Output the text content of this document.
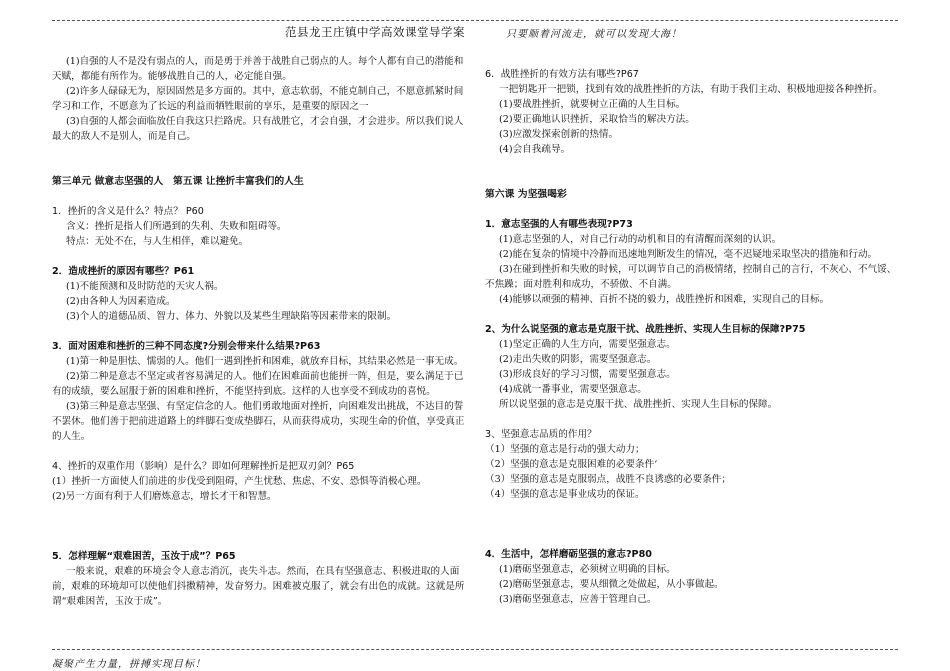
范县龙王庄镇中学高效课堂导学案	只要顺着河流走，就可以发现大海！

(1)自强的人不是没有弱点的人，而是勇于并善于战胜自己弱点的人。每个人都有自己的潜能和天赋，都能有所作为。能够战胜自己的人，必定能自强。

(2)许多人碌碌无为，原因固然是多方面的。其中，意志软弱，不能克制自己，不愿意抓紧时间学习和工作，不愿意为了长远的利益而牺牲眼前的享乐，是重要的原因之一

(3)自强的人都会面临放任自我这只拦路虎。只有战胜它，才会自强，才会进步。所以我们说人最大的敌人不是别人，而是自己。

第三单元 做意志坚强的人　第五课 让挫折丰富我们的人生

1．挫折的含义是什么？特点？ P60

含义：挫折是指人们所遇到的失利、失败和阻碍等。

特点：无处不在，与人生相伴，难以避免。

2．造成挫折的原因有哪些？P61

(1)不能预测和及时防范的天灾人祸。

(2)由各种人为因素造成。

(3)个人的道德品质、智力、体力、外貌以及某些生理缺陷等因素带来的限制。

3．面对困难和挫折的三种不同态度?分别会带来什么结果?P63

(1)第一种是胆怯、懦弱的人。他们一遇到挫折和困难，就放弃目标，其结果必然是一事无成。

(2)第二种是意志不坚定或者容易满足的人。他们在困难面前也能拼一阵，但是，要么满足于已有的成绩，要么屈服于新的困难和挫折，不能坚持到底。这样的人也享受不到成功的喜悦。

(3)第三种是意志坚强、有坚定信念的人。他们勇敢地面对挫折，向困难发出挑战，不达目的誓不罢休。他们善于把前进道路上的绊脚石变成垫脚石，从而获得成功，实现生命的价值，享受真正的人生。

4、挫折的双重作用（影响）是什么？即如何理解挫折是把双刃剑？P65

(1）挫折一方面使人们前进的步伐受到阻碍，产生忧愁、焦虑、不安、恐惧等消极心理。

(2)另一方面有利于人们磨炼意志，增长才干和智慧。

5．怎样理解“艰难困苦，玉汝于成”？P65

一般来说，艰难的环境会令人意志消沉，丧失斗志。然而，在具有坚强意志、积极进取的人面前，艰难的环境却可以使他们抖擞精神，发奋努力。困难被克服了，就会有出色的成就。这就是所谓“艰难困苦，玉汝于成”。

6．战胜挫折的有效方法有哪些?P67

一把钥匙开一把锁，找到有效的战胜挫折的方法，有助于我们主动、积极地迎接各种挫折。

(1)要战胜挫折，就要树立正确的人生目标。

(2)要正确地认识挫折，采取恰当的解决方法。

(3)应激发探索创新的热情。

(4)会自我疏导。

第六课 为坚强喝彩

1．意志坚强的人有哪些表现?P73

(1)意志坚强的人，对自己行动的动机和目的有清醒而深刻的认识。

(2)能在复杂的情境中冷静而迅速地判断发生的情况，毫不迟疑地采取坚决的措施和行动。

(3)在碰到挫折和失败的时候，可以调节自己的消极情绪，控制自己的言行，不灰心、不气馁、不焦躁；面对胜利和成功，不骄傲、不自满。

(4)能够以顽强的精神、百折不挠的毅力，战胜挫折和困难，实现自己的目标。

2、为什么说坚强的意志是克服干扰、战胜挫折、实现人生目标的保障?P75

(1)坚定正确的人生方向，需要坚强意志。

(2)走出失败的阴影，需要坚强意志。

(3)形成良好的学习习惯，需要坚强意志。

(4)成就一番事业，需要坚强意志。

所以说坚强的意志是克服干扰、战胜挫折、实现人生目标的保障。

3、坚强意志品质的作用？

（1）坚强的意志是行动的强大动力；

（2）坚强的意志是克服困难的必要条件‘

（3）坚强的意志是克服弱点，战胜不良诱惑的必要条件；

（4）坚强的意志是事业成功的保证。

4．生活中，怎样磨砺坚强的意志?P80

(1)磨砺坚强意志，必须树立明确的目标。

(2)磨砺坚强意志，要从细微之处做起，从小事做起。

(3)磨砺坚强意志，应善于管理自己。

凝聚产生力量，拼搏实现目标！
